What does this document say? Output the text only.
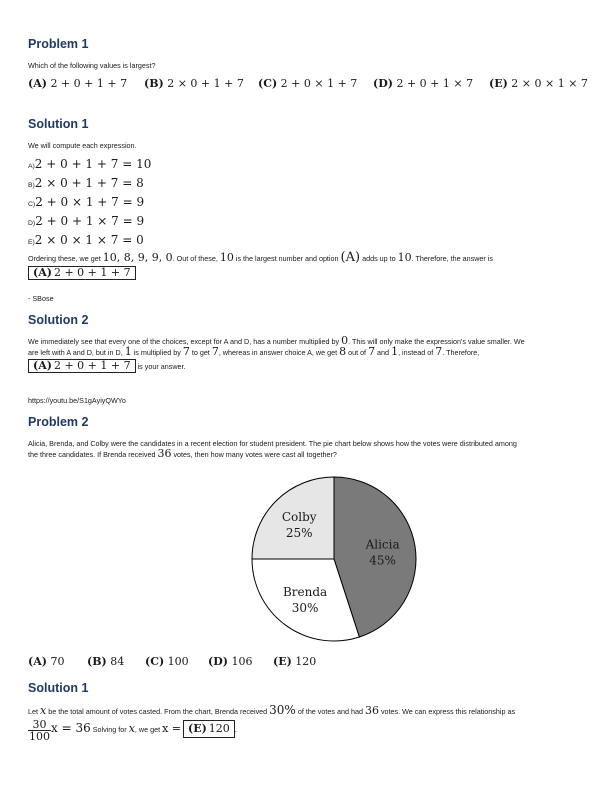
Problem 1
Which of the following values is largest?
(A) 2 + 0 + 1 + 7 (B) 2 × 0 + 1 + 7 (C) 2 + 0 × 1 + 7 (D) 2 + 0 + 1 × 7 (E) 2 × 0 × 1 × 7
Solution 1
We will compute each expression.
A)2 + 0 + 1 + 7 = 10
B)2 × 0 + 1 + 7 = 8
C)2 + 0 × 1 + 7 = 9
D)2 + 0 + 1 × 7 = 9
E)2 × 0 × 1 × 7 = 0
Ordering these, we get 10, 8, 9, 9, 0. Out of these, 10 is the largest number and option (A) adds up to 10. Therefore, the answer is
(A) 2 + 0 + 1 + 7
- SBose
Solution 2
We immediately see that every one of the choices, except for A and D, has a number multiplied by 0. This will only make the expression's value smaller. We
are left with A and D, but in D, 1 is multiplied by 7 to get 7, whereas in answer choice A, we get 8 out of 7 and 1, instead of 7. Therefore,
(A) 2 + 0 + 1 + 7 is your answer.
https://youtu.be/S1gAyiyQWYo
Problem 2
Alicia, Brenda, and Colby were the candidates in a recent election for student president. The pie chart below shows how the votes were distributed among
the three candidates. If Brenda received 36 votes, then how many votes were cast all together?
Alicia
45%
Brenda
30%
Colby
25%
(A) 70 (B) 84 (C) 100 (D) 106 (E) 120
Solution 1
Let x be the total amount of votes casted. From the chart, Brenda received 30% of the votes and had 36 votes. We can express this relationship as
$\frac{30}{100}$ x = 36 Solving for x, we get x = (E) 120 .
